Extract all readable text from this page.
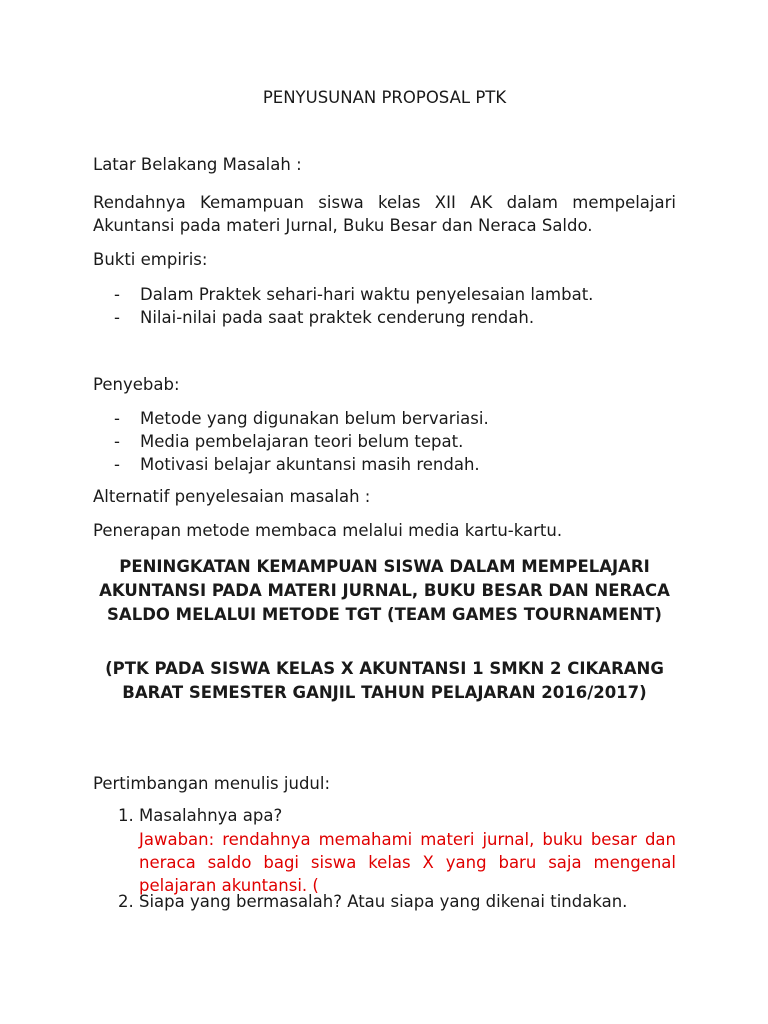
PENYUSUNAN PROPOSAL PTK
Latar Belakang Masalah :
Rendahnya Kemampuan siswa kelas XII AK dalam mempelajari Akuntansi pada materi Jurnal, Buku Besar dan Neraca Saldo.
Bukti empiris:
- Dalam Praktek sehari-hari waktu penyelesaian lambat.
- Nilai-nilai pada saat praktek cenderung rendah.
Penyebab:
- Metode yang digunakan belum bervariasi.
- Media pembelajaran teori belum tepat.
- Motivasi belajar akuntansi masih rendah.
Alternatif penyelesaian masalah :
Penerapan metode membaca melalui media kartu-kartu.
PENINGKATAN KEMAMPUAN SISWA DALAM MEMPELAJARI AKUNTANSI PADA MATERI JURNAL, BUKU BESAR DAN NERACA SALDO MELALUI METODE TGT (TEAM GAMES TOURNAMENT)
(PTK PADA SISWA KELAS X AKUNTANSI 1 SMKN 2 CIKARANG BARAT SEMESTER GANJIL TAHUN PELAJARAN 2016/2017)
Pertimbangan menulis judul:
1. Masalahnya apa?
Jawaban: rendahnya memahami materi jurnal, buku besar dan neraca saldo bagi siswa kelas X yang baru saja mengenal pelajaran akuntansi. (
2. Siapa yang bermasalah? Atau siapa yang dikenai tindakan.
